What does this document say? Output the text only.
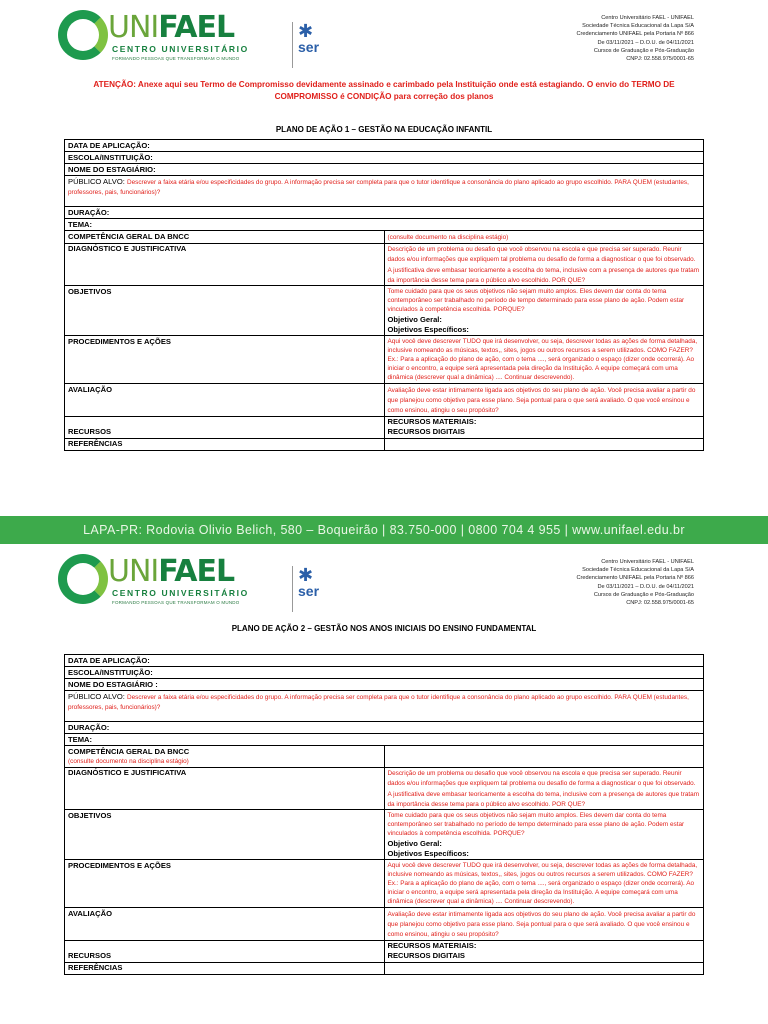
UNIFAEL
CENTRO UNIVERSITÁRIO
FORMANDO PESSOAS QUE TRANSFORMAM O MUNDO
✱
ser
Centro Universitário FAEL - UNIFAEL
Sociedade Técnica Educacional da Lapa S/A
Credenciamento UNIFAEL pela Portaria Nº 866
De 03/11/2021 – D.O.U. de 04/11/2021
Cursos de Graduação e Pós-Graduação
CNPJ: 02.558.975/0001-65
ATENÇÃO: Anexe aqui seu Termo de Compromisso devidamente assinado e carimbado pela Instituição onde está estagiando. O envio do TERMO DE COMPROMISSO é CONDIÇÃO para correção dos planos
PLANO DE AÇÃO 1 – GESTÃO NA EDUCAÇÃO INFANTIL
DATA DE APLICAÇÃO:	
ESCOLA/INSTITUIÇÃO:	
NOME DO ESTAGIÁRIO:	
PÚBLICO ALVO: Descrever a faixa etária e/ou especificidades do grupo. A informação precisa ser completa para que o tutor identifique a consonância do plano aplicado ao grupo escolhido. PARA QUEM (estudantes, professores, pais, funcionários)?	

DURAÇÃO:	
TEMA:	
COMPETÊNCIA GERAL DA BNCC	(consulte documento na disciplina estágio)
DIAGNÓSTICO E JUSTIFICATIVA	Descrição de um problema ou desafio que você observou na escola e que precisa ser superado. Reunir dados e/ou informações que expliquem tal problema ou desafio de forma a diagnosticar o que foi observado. A justificativa deve embasar teoricamente a escolha do tema, inclusive com a presença de autores que tratam da importância desse tema para o público alvo escolhido. POR QUE?
OBJETIVOS	Tome cuidado para que os seus objetivos não sejam muito amplos. Eles devem dar conta do tema contemporâneo ser trabalhado no período de tempo determinado para esse plano de ação. Podem estar vinculados à competência escolhida. PORQUE?
Objetivo Geral:
Objetivos Específicos:

PROCEDIMENTOS E AÇÕES	Aqui você deve descrever TUDO que irá desenvolver, ou seja, descrever todas as ações de forma detalhada, inclusive nomeando as músicas, textos,, sites, jogos ou outros recursos a serem utilizados. COMO FAZER?
Ex.: Para a aplicação do plano de ação, com o tema ...., será organizado o espaço (dizer onde ocorrerá). Ao iniciar o encontro, a equipe será apresentada pela direção da Instituição. A equipe começará com uma dinâmica (descrever qual a dinâmica) .... Continuar descrevendo).

AVALIAÇÃO	Avaliação deve estar intimamente ligada aos objetivos do seu plano de ação. Você precisa avaliar a partir do que planejou como objetivo para esse plano. Seja pontual para o que será avaliado. O que você ensinou e como ensinou, atingiu o seu propósito?
RECURSOS	RECURSOS MATERIAIS:
RECURSOS DIGITAIS

REFERÊNCIAS	
LAPA-PR: Rodovia Olivio Belich, 580 – Boqueirão | 83.750-000 | 0800 704 4 955 | www.unifael.edu.br
UNIFAEL
CENTRO UNIVERSITÁRIO
FORMANDO PESSOAS QUE TRANSFORMAM O MUNDO
✱
ser
Centro Universitário FAEL - UNIFAEL
Sociedade Técnica Educacional da Lapa S/A
Credenciamento UNIFAEL pela Portaria Nº 866
De 03/11/2021 – D.O.U. de 04/11/2021
Cursos de Graduação e Pós-Graduação
CNPJ: 02.558.975/0001-65
PLANO DE AÇÃO 2 – GESTÃO NOS ANOS INICIAIS DO ENSINO FUNDAMENTAL
DATA DE APLICAÇÃO:	
ESCOLA/INSTITUIÇÃO:	
NOME DO ESTAGIÁRIO :	
PÚBLICO ALVO: Descrever a faixa etária e/ou especificidades do grupo. A informação precisa ser completa para que o tutor identifique a consonância do plano aplicado ao grupo escolhido. PARA QUEM (estudantes, professores, pais, funcionários)?	

DURAÇÃO:	
TEMA:	

COMPETÊNCIA GERAL DA BNCC
(consulte documento na disciplina estágio)	

DIAGNÓSTICO E JUSTIFICATIVA	Descrição de um problema ou desafio que você observou na escola e que precisa ser superado. Reunir dados e/ou informações que expliquem tal problema ou desafio de forma a diagnosticar o que foi observado. A justificativa deve embasar teoricamente a escolha do tema, inclusive com a presença de autores que tratam da importância desse tema para o público alvo escolhido. POR QUE?
OBJETIVOS	Tome cuidado para que os seus objetivos não sejam muito amplos. Eles devem dar conta do tema contemporâneo ser trabalhado no período de tempo determinado para esse plano de ação. Podem estar vinculados à competência escolhida. PORQUE?
Objetivo Geral:
Objetivos Específicos:

PROCEDIMENTOS E AÇÕES	Aqui você deve descrever TUDO que irá desenvolver, ou seja, descrever todas as ações de forma detalhada, inclusive nomeando as músicas, textos,, sites, jogos ou outros recursos a serem utilizados. COMO FAZER?
Ex.: Para a aplicação do plano de ação, com o tema ...., será organizado o espaço (dizer onde ocorrerá). Ao iniciar o encontro, a equipe será apresentada pela direção da Instituição. A equipe começará com uma dinâmica (descrever qual a dinâmica) .... Continuar descrevendo).

AVALIAÇÃO	Avaliação deve estar intimamente ligada aos objetivos do seu plano de ação. Você precisa avaliar a partir do que planejou como objetivo para esse plano. Seja pontual para o que será avaliado. O que você ensinou e como ensinou, atingiu o seu propósito?
RECURSOS	RECURSOS MATERIAIS:
RECURSOS DIGITAIS

REFERÊNCIAS	
